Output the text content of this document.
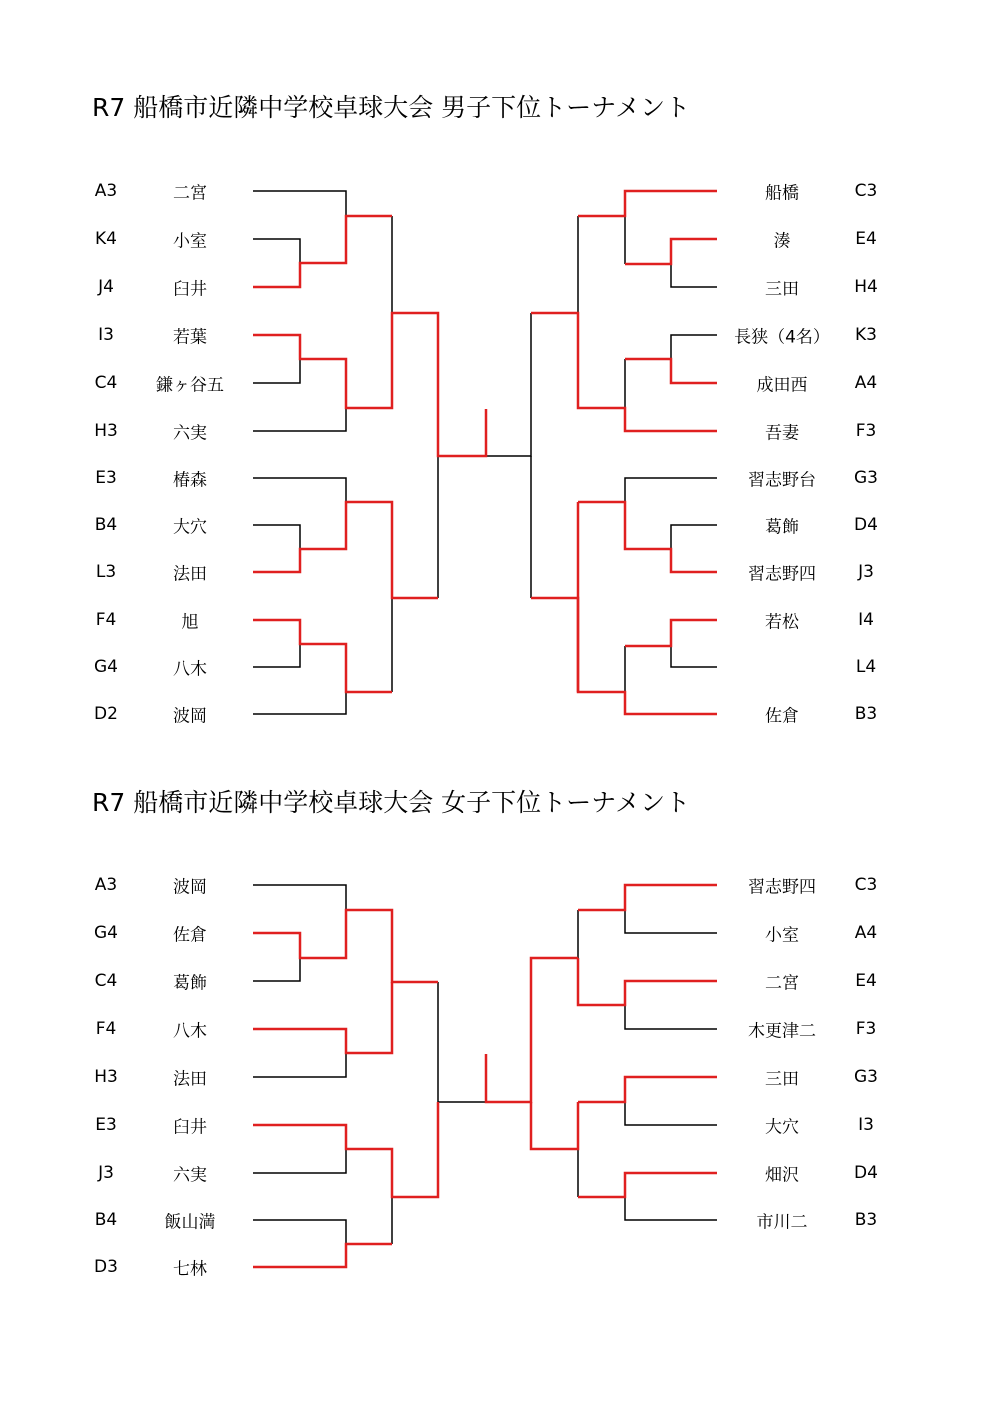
R7 船橋市近隣中学校卓球大会 男子下位トーナメント
A3	二宮
K4	小室
J4	臼井
I3	若葉
C4	鎌ヶ谷五
H3	六実
E3	椿森
B4	大穴
L3	法田
F4	旭
G4	八木
D2	波岡
船橋	C3
湊	E4
三田	H4
長狭（4名）	K3
成田西	A4
吾妻	F3
習志野台	G3
葛飾	D4
習志野四	J3
若松	I4
L4
佐倉	B3
R7 船橋市近隣中学校卓球大会 女子下位トーナメント
A3	波岡
G4	佐倉
C4	葛飾
F4	八木
H3	法田
E3	臼井
J3	六実
B4	飯山満
D3	七林
習志野四	C3
小室	A4
二宮	E4
木更津二	F3
三田	G3
大穴	I3
畑沢	D4
市川二	B3
